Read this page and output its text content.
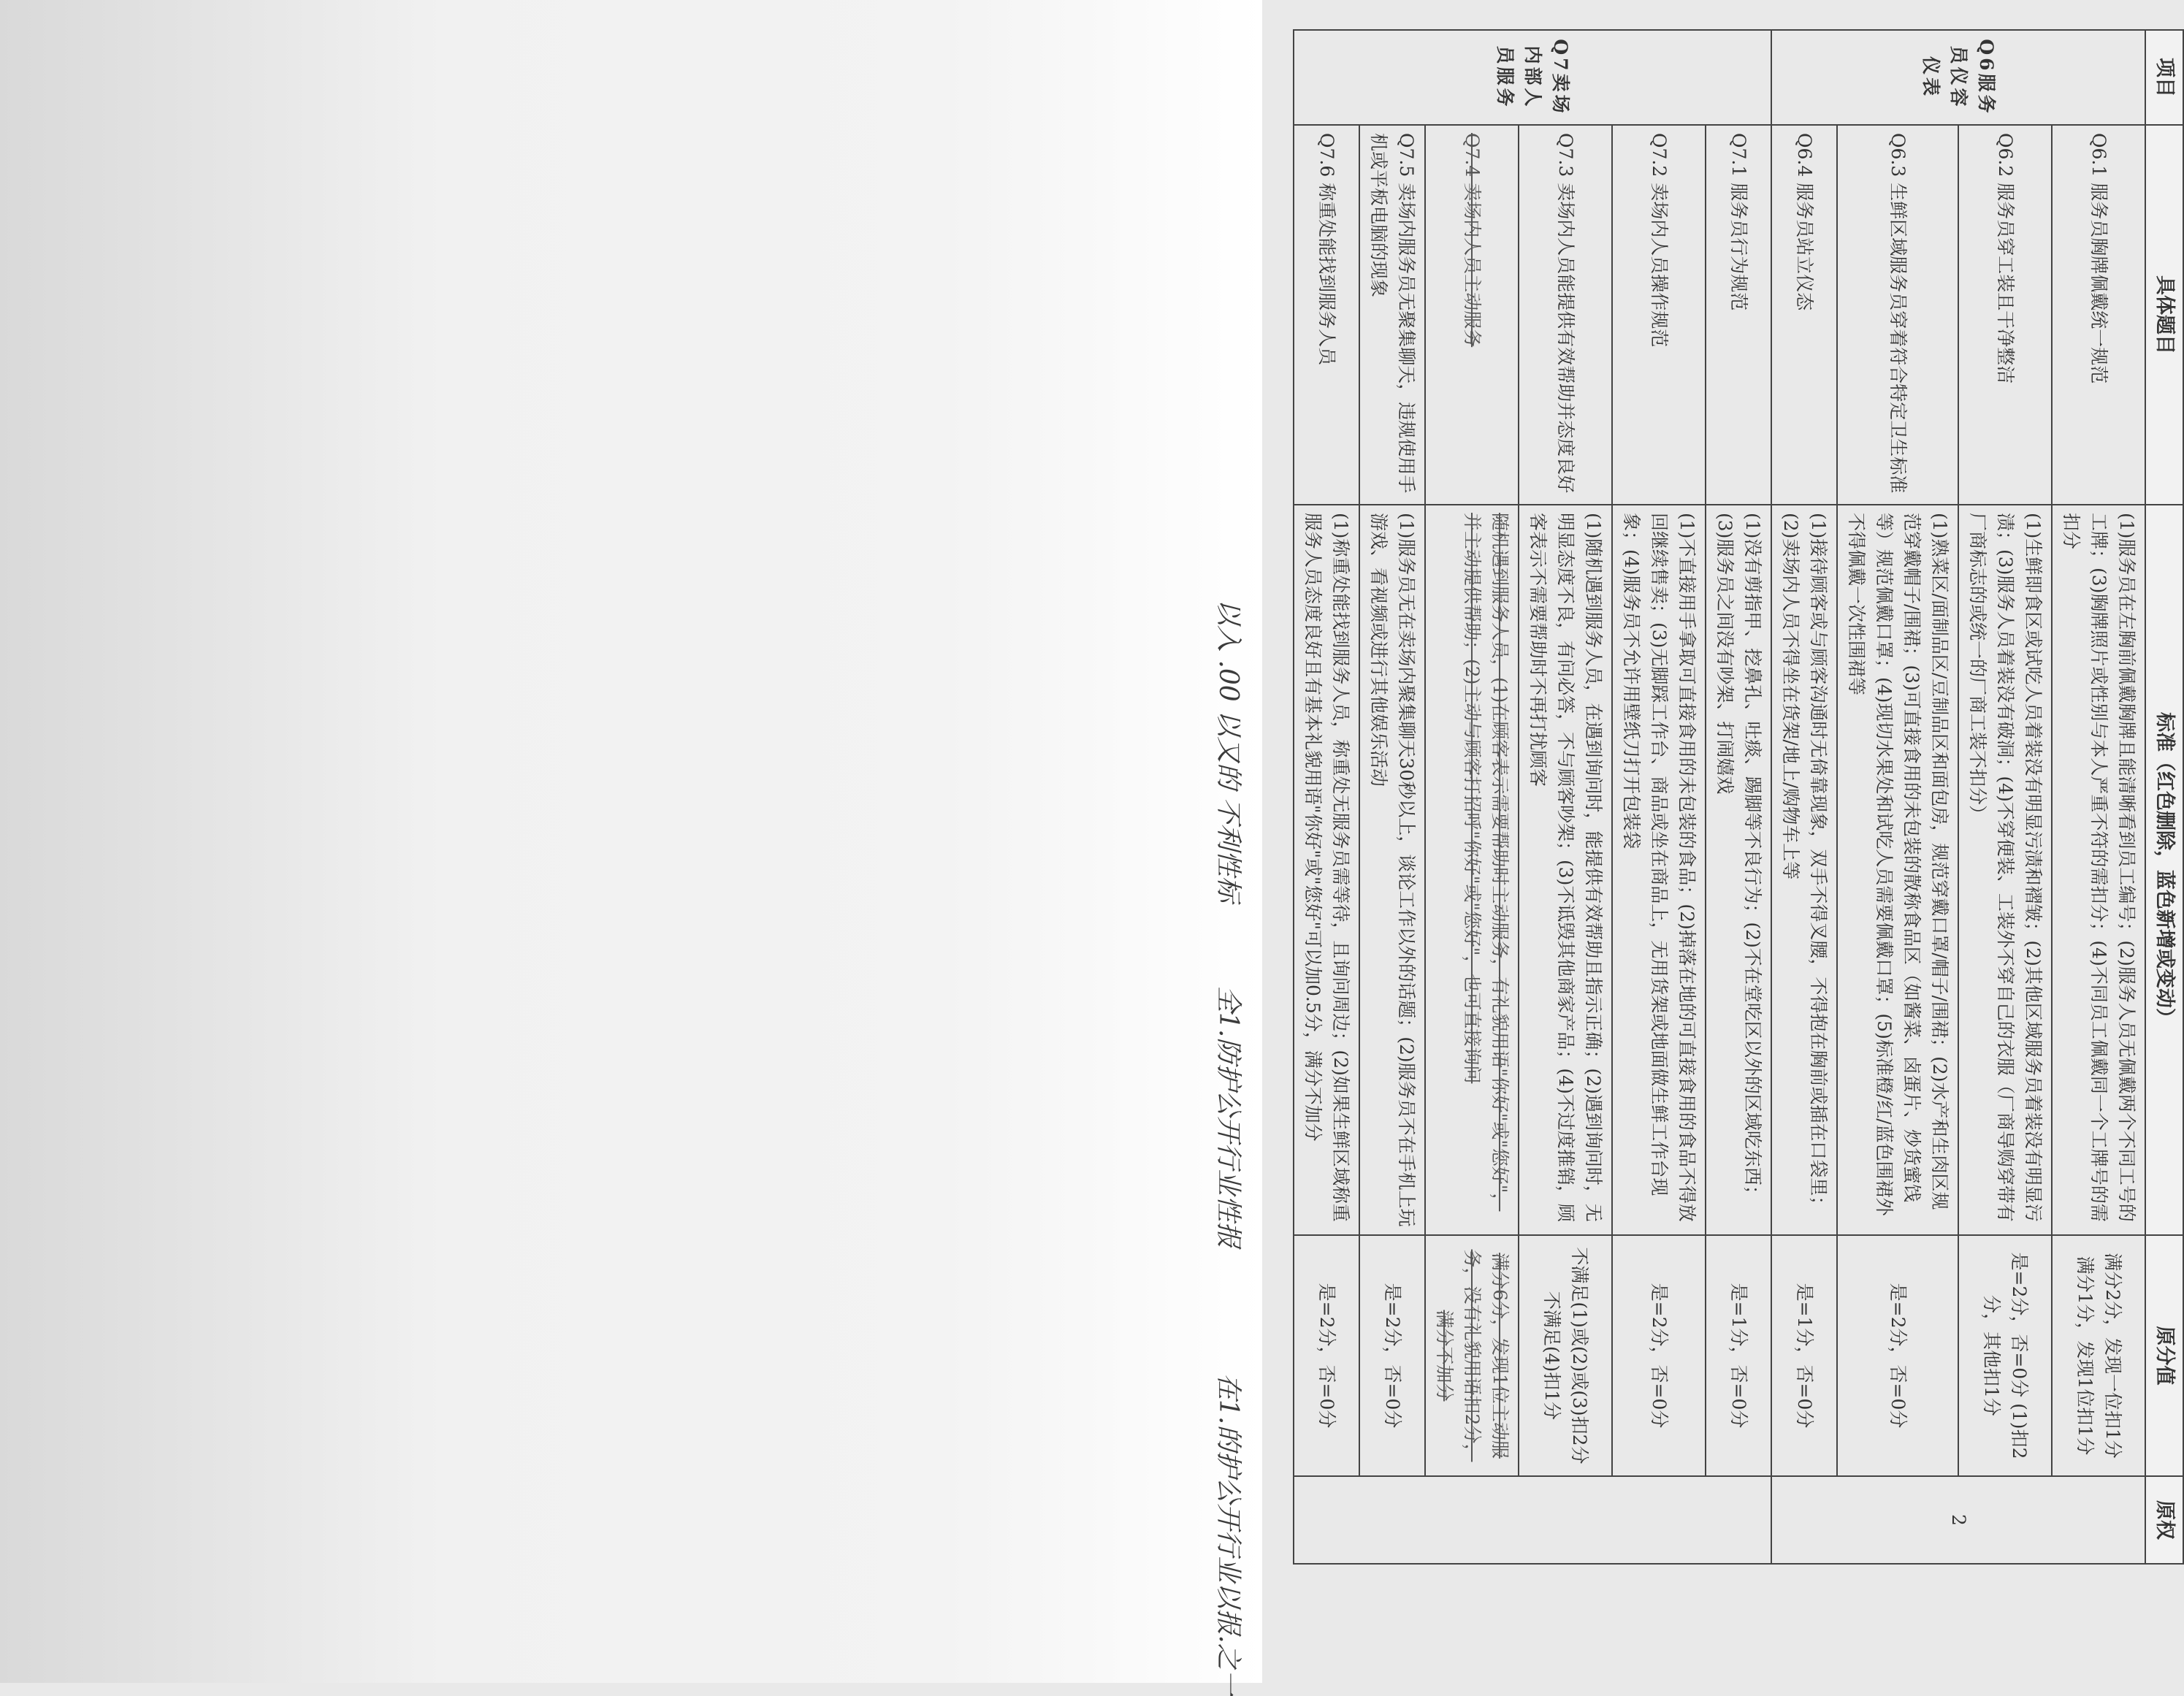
项目	具体题目	标准（红色删除，蓝色新增或变动）	原分值	原权
Q6服务员仪容仪表	Q6.1 服务员胸牌佩戴统一规范	(1)服务员在左胸前佩戴胸牌且能清晰看到员工编号；(2)服务人员无佩戴两个不同工号的工牌；(3)胸牌照片或性别与本人严重不符的需扣分；(4)不同员工佩戴同一个工牌号的需扣分	满分2分，发现一位扣1分 满分1分，发现1位扣1分	2
	Q6.2 服务员穿工装且干净整洁	(1)生鲜即食区或试吃人员着装没有明显污渍和褶皱；(2)其他区域服务员着装没有明显污渍；(3)服务人员着装没有破洞；(4)不穿便装、工装外不穿自己的衣服（厂商导购穿带有厂商标志的或统一的厂商工装不扣分）	是=2分，否=0分 (1)扣2分，其他扣1分	
	Q6.3 生鲜区域服务员穿着符合特定卫生标准	(1)熟菜区/面制品区/豆制品区和面包房，规范穿戴口罩/帽子/围裙；(2)水产和生肉区规范穿戴帽子/围裙；(3)可直接食用的未包装的散称食品区（如酱菜、卤蛋片、炒货蜜饯等）规范佩戴口罩；(4)现切水果处和试吃人员需要佩戴口罩；(5)标准橙/红/蓝色围裙外不得佩戴一次性围裙等	是=2分，否=0分	
	Q6.4 服务员站立仪态	(1)接待顾客或与顾客沟通时无倚靠现象，双手不得叉腰，不得抱在胸前或插在口袋里；(2)卖场内人员不得坐在货架/地上/购物车上等	是=1分，否=0分	
Q7卖场内部人员服务	Q7.1 服务员行为规范	(1)没有剪指甲、挖鼻孔、吐痰、踢脚等不良行为；(2)不在堂吃区以外的区域吃东西；(3)服务员之间没有吵架、打闹嬉戏	是=1分，否=0分	
	Q7.2 卖场内人员操作规范	(1)不直接用手拿取可直接食用的未包装的食品；(2)掉落在地的可直接食用的食品不得放回继续售卖；(3)无脚踩工作台、商品或坐在商品上，无用货架或地面做生鲜工作台现象；(4)服务员不允许用壁纸刀打开包装袋	是=2分，否=0分	
	Q7.3 卖场内人员能提供有效帮助并态度良好	(1)随机遇到服务人员，在遇到询问时，能提供有效帮助且指示正确；(2)遇到询问时，无明显态度不良，有问必答，不与顾客吵架；(3)不诋毁其他商家产品；(4)不过度推销，顾客表示不需要帮助时不再打扰顾客	不满足(1)或(2)或(3)扣2分 不满足(4)扣1分	
	Q7.4 卖场内人员主动服务	随机遇到服务人员，(1)在顾客表示需要帮助时主动服务，有礼貌用语"你好"或"您好"，并主动提供帮助；(2)主动与顾客打招呼"你好"或"您好"，也可直接询问	满分6分，发现1位主动服务，没有礼貌用语扣2分，满分不加分	
	Q7.5 卖场内服务员无聚集聊天，违规使用手机或平板电脑的现象	(1)服务员无在卖场内聚集聊天30秒以上，谈论工作以外的话题；(2)服务员不在手机上玩游戏、看视频或进行其他娱乐活动	是=2分，否=0分	
	Q7.6 称重处能找到服务人员	(1)称重处能找到服务人员，称重处无服务员需等待，且询问周边；(2)如果生鲜区域称重服务人员态度良好且有基本礼貌用语"你好"或"您好"可以加0.5分，满分不加分	是=2分，否=0分	
全1.防护公开行业性报
以入 .00 以又的 不利性标
在1.的护公开行业以报.之一
